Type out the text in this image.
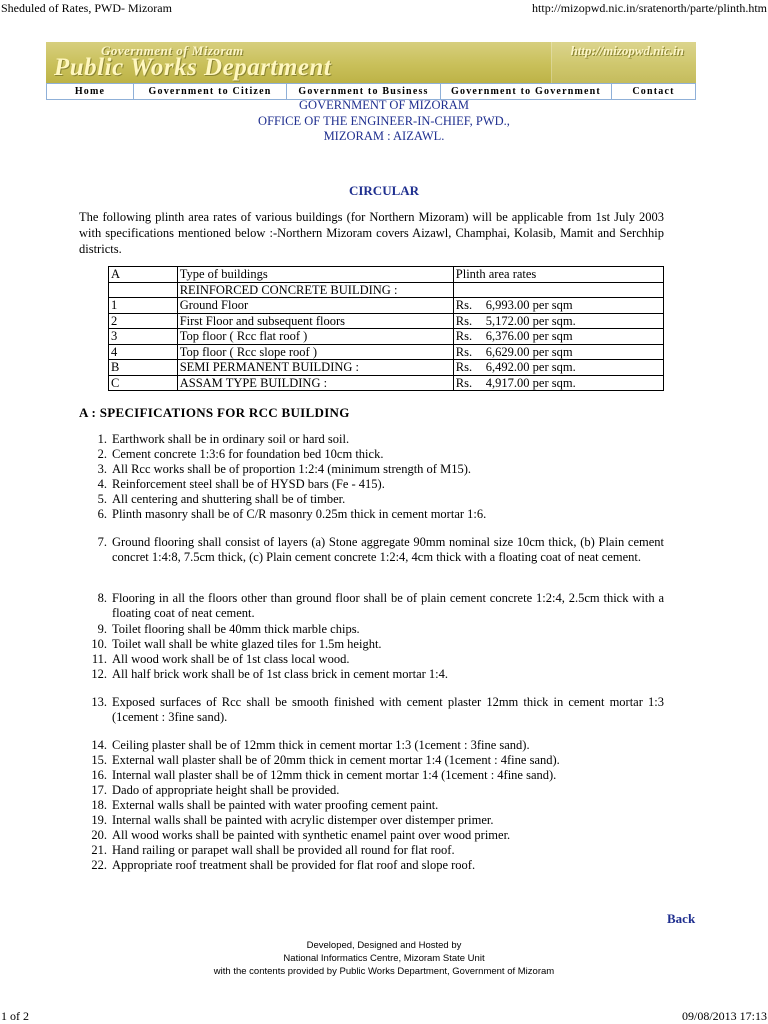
Sheduled of Rates, PWD- Mizoram	http://mizopwd.nic.in/sratenorth/parte/plinth.htm
Government of Mizoram
Public Works Department
http://mizopwd.nic.in
Home	Government to Citizen	Government to Business	Government to Government	Contact
GOVERNMENT OF MIZORAM
OFFICE OF THE ENGINEER-IN-CHIEF, PWD.,
MIZORAM : AIZAWL.
CIRCULAR
The following plinth area rates of various buildings (for Northern Mizoram) will be applicable from 1st July 2003 with specifications mentioned below :-Northern Mizoram covers Aizawl, Champhai, Kolasib, Mamit and Serchhip districts.
A	Type of buildings	Plinth area rates
	REINFORCED CONCRETE BUILDING :	
1	Ground Floor	Rs. 6,993.00 per sqm
2	First Floor and subsequent floors	Rs. 5,172.00 per sqm.
3	Top floor ( Rcc flat roof )	Rs. 6,376.00 per sqm
4	Top floor ( Rcc slope roof )	Rs. 6,629.00 per sqm
B	SEMI PERMANENT BUILDING :	Rs. 6,492.00 per sqm.
C	ASSAM TYPE BUILDING :	Rs. 4,917.00 per sqm.
A : SPECIFICATIONS FOR RCC BUILDING
1. Earthwork shall be in ordinary soil or hard soil.
2. Cement concrete 1:3:6 for foundation bed 10cm thick.
3. All Rcc works shall be of proportion 1:2:4 (minimum strength of M15).
4. Reinforcement steel shall be of HYSD bars (Fe - 415).
5. All centering and shuttering shall be of timber.
6. Plinth masonry shall be of C/R masonry 0.25m thick in cement mortar 1:6.
7. Ground flooring shall consist of layers (a) Stone aggregate 90mm nominal size 10cm thick, (b) Plain cement concret 1:4:8, 7.5cm thick, (c) Plain cement concrete 1:2:4, 4cm thick with a floating coat of neat cement.
8. Flooring in all the floors other than ground floor shall be of plain cement concrete 1:2:4, 2.5cm thick with a floating coat of neat cement.
9. Toilet flooring shall be 40mm thick marble chips.
10. Toilet wall shall be white glazed tiles for 1.5m height.
11. All wood work shall be of 1st class local wood.
12. All half brick work shall be of 1st class brick in cement mortar 1:4.
13. Exposed surfaces of Rcc shall be smooth finished with cement plaster 12mm thick in cement mortar 1:3 (1cement : 3fine sand).
14. Ceiling plaster shall be of 12mm thick in cement mortar 1:3 (1cement : 3fine sand).
15. External wall plaster shall be of 20mm thick in cement mortar 1:4 (1cement : 4fine sand).
16. Internal wall plaster shall be of 12mm thick in cement mortar 1:4 (1cement : 4fine sand).
17. Dado of appropriate height shall be provided.
18. External walls shall be painted with water proofing cement paint.
19. Internal walls shall be painted with acrylic distemper over distemper primer.
20. All wood works shall be painted with synthetic enamel paint over wood primer.
21. Hand railing or parapet wall shall be provided all round for flat roof.
22. Appropriate roof treatment shall be provided for flat roof and slope roof.
Back
Developed, Designed and Hosted by
National Informatics Centre, Mizoram State Unit
with the contents provided by Public Works Department, Government of Mizoram
1 of 2	09/08/2013 17:13
